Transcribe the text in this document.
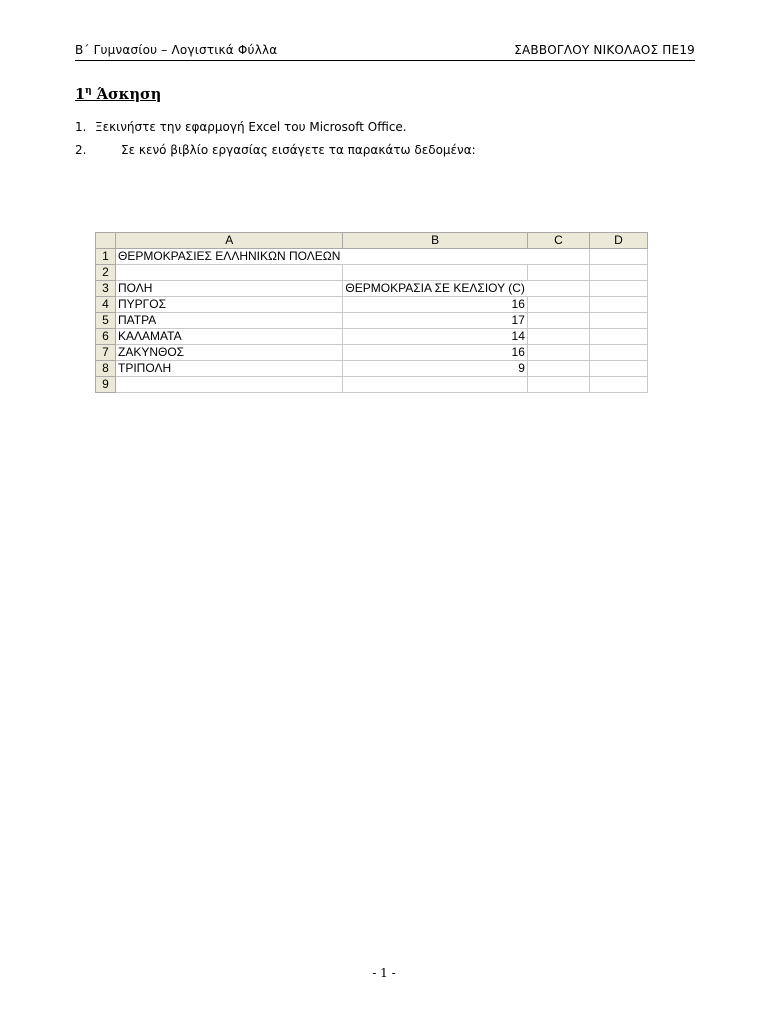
Β΄ Γυμνασίου – Λογιστικά Φύλλα	ΣΑΒΒΟΓΛΟΥ ΝΙΚΟΛΑΟΣ ΠΕ19
$1^\eta$ Άσκηση
1. Ξεκινήστε την εφαρμογή Excel του Microsoft Office.
2.	Σε κενό βιβλίο εργασίας εισάγετε τα παρακάτω δεδομένα:
	A	B	C	D
1	ΘΕΡΜΟΚΡΑΣΙΕΣ ΕΛΛΗΝΙΚΩΝ ΠΟΛΕΩΝ			
2				
3	ΠΟΛΗ	ΘΕΡΜΟΚΡΑΣΙΑ ΣΕ ΚΕΛΣΙΟΥ (C)		
4	ΠΥΡΓΟΣ	16		
5	ΠΑΤΡΑ	17		
6	ΚΑΛΑΜΑΤΑ	14		
7	ΖΑΚΥΝΘΟΣ	16		
8	ΤΡΙΠΟΛΗ	9		
9				
- 1 -
